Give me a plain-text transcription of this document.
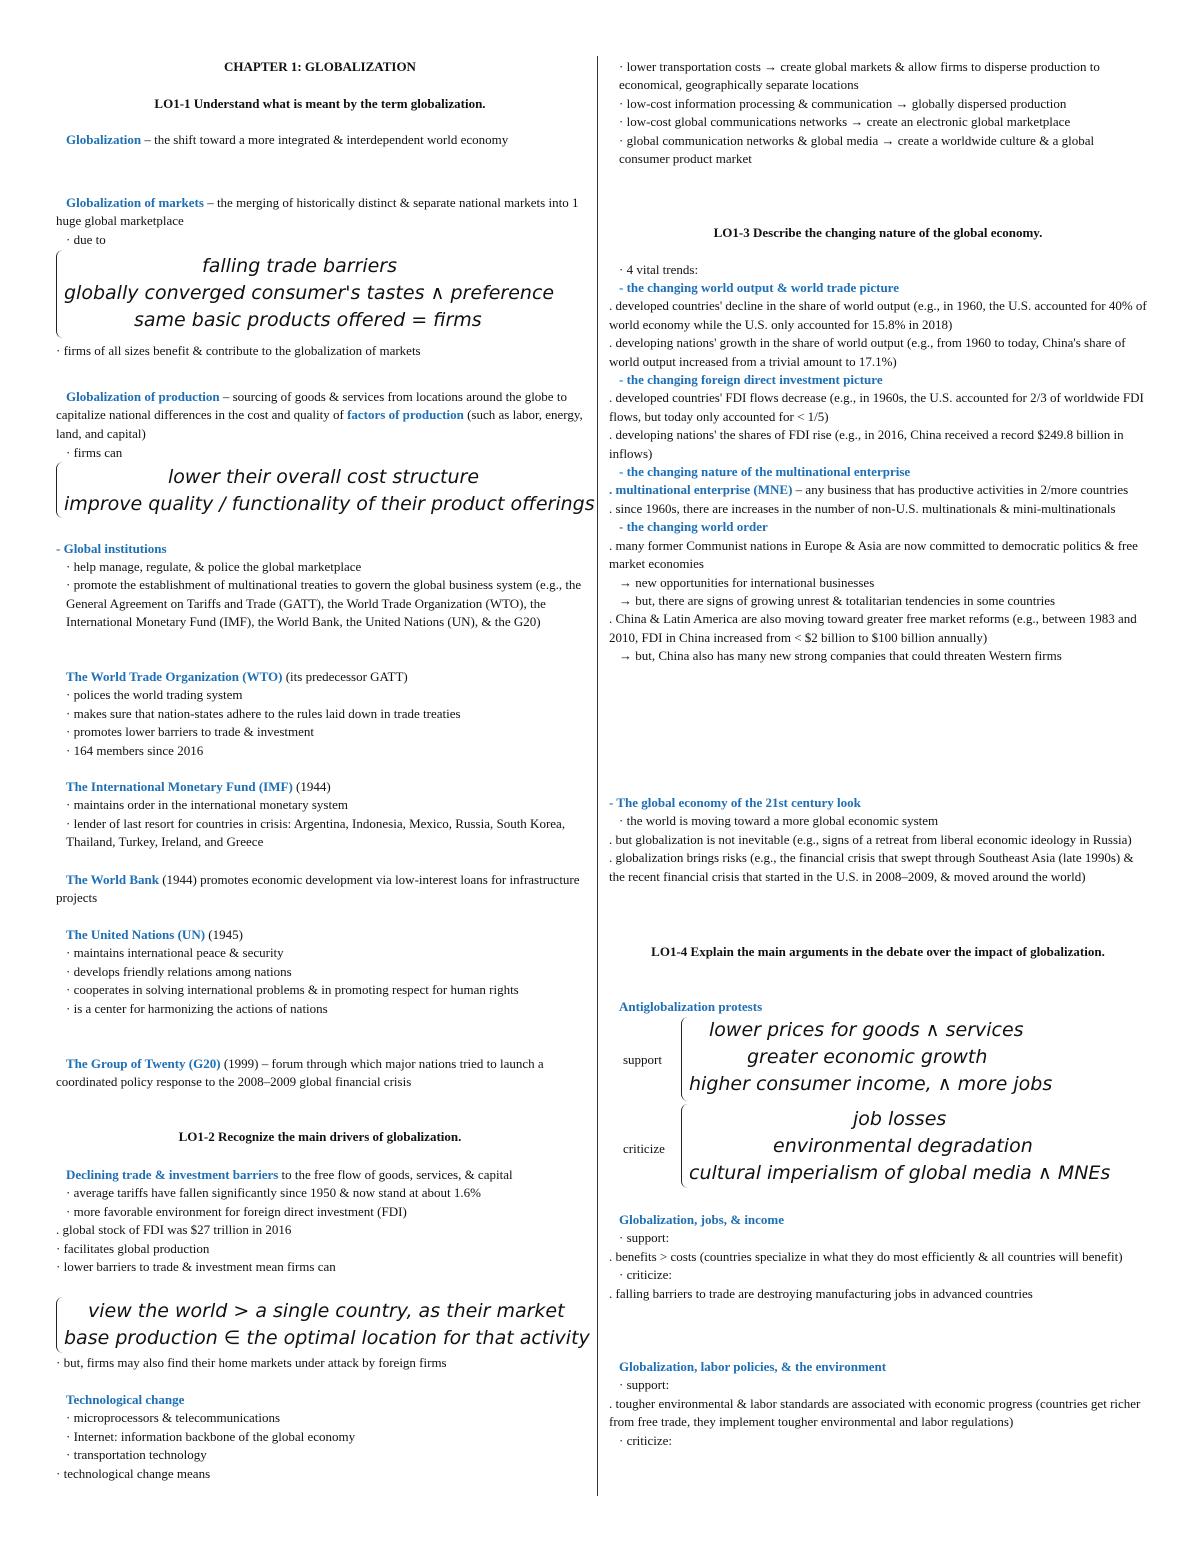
CHAPTER 1: GLOBALIZATION
LO1-1 Understand what is meant by the term globalization.
Globalization – the shift toward a more integrated & interdependent world economy
Globalization of markets – the merging of historically distinct & separate national markets into 1 huge global marketplace
· due to
falling trade barriers
globally converged consumer's tastes ∧ preference
same basic products offered = firms
· firms of all sizes benefit & contribute to the globalization of markets
Globalization of production – sourcing of goods & services from locations around the globe to capitalize national differences in the cost and quality of factors of production (such as labor, energy, land, and capital)
· firms can
lower their overall cost structure
improve quality / functionality of their product offerings
- Global institutions

· help manage, regulate, & police the global marketplace

· promote the establishment of multinational treaties to govern the global business system (e.g., the General Agreement on Tariffs and Trade (GATT), the World Trade Organization (WTO), the International Monetary Fund (IMF), the World Bank, the United Nations (UN), & the G20)

The World Trade Organization (WTO) (its predecessor GATT)

· polices the world trading system

· makes sure that nation-states adhere to the rules laid down in trade treaties

· promotes lower barriers to trade & investment

· 164 members since 2016

The International Monetary Fund (IMF) (1944)

· maintains order in the international monetary system

· lender of last resort for countries in crisis: Argentina, Indonesia, Mexico, Russia, South Korea, Thailand, Turkey, Ireland, and Greece

The World Bank (1944) promotes economic development via low-interest loans for infrastructure projects
The United Nations (UN) (1945)

· maintains international peace & security

· develops friendly relations among nations

· cooperates in solving international problems & in promoting respect for human rights

· is a center for harmonizing the actions of nations

The Group of Twenty (G20) (1999) – forum through which major nations tried to launch a coordinated policy response to the 2008–2009 global financial crisis
LO1-2 Recognize the main drivers of globalization.
Declining trade & investment barriers to the free flow of goods, services, & capital

· average tariffs have fallen significantly since 1950 & now stand at about 1.6%

· more favorable environment for foreign direct investment (FDI)

. global stock of FDI was $27 trillion in 2016

· facilitates global production

· lower barriers to trade & investment mean firms can

view the world > a single country, as their market
base production ∈ the optimal location for that activity
· but, firms may also find their home markets under attack by foreign firms
Technological change

· microprocessors & telecommunications

· Internet: information backbone of the global economy

· transportation technology

· technological change means

· lower transportation costs → create global markets & allow firms to disperse production to economical, geographically separate locations

· low-cost information processing & communication → globally dispersed production

· low-cost global communications networks → create an electronic global marketplace

· global communication networks & global media → create a worldwide culture & a global consumer product market

LO1-3 Describe the changing nature of the global economy.
· 4 vital trends:

- the changing world output & world trade picture

. developed countries' decline in the share of world output (e.g., in 1960, the U.S. accounted for 40% of world economy while the U.S. only accounted for 15.8% in 2018)

. developing nations' growth in the share of world output (e.g., from 1960 to today, China's share of world output increased from a trivial amount to 17.1%)

- the changing foreign direct investment picture

. developed countries' FDI flows decrease (e.g., in 1960s, the U.S. accounted for 2/3 of worldwide FDI flows, but today only accounted for < 1/5)

. developing nations' the shares of FDI rise (e.g., in 2016, China received a record $249.8 billion in inflows)

- the changing nature of the multinational enterprise

. multinational enterprise (MNE) – any business that has productive activities in 2/more countries

. since 1960s, there are increases in the number of non-U.S. multinationals & mini-multinationals

- the changing world order

. many former Communist nations in Europe & Asia are now committed to democratic politics & free market economies

→ new opportunities for international businesses

→ but, there are signs of growing unrest & totalitarian tendencies in some countries

. China & Latin America are also moving toward greater free market reforms (e.g., between 1983 and 2010, FDI in China increased from < $2 billion to $100 billion annually)

→ but, China also has many new strong companies that could threaten Western firms

- The global economy of the 21st century look

· the world is moving toward a more global economic system

. but globalization is not inevitable (e.g., signs of a retreat from liberal economic ideology in Russia)

. globalization brings risks (e.g., the financial crisis that swept through Southeast Asia (late 1990s) & the recent financial crisis that started in the U.S. in 2008–2009, & moved around the world)

LO1-4 Explain the main arguments in the debate over the impact of globalization.
Antiglobalization protests
support
lower prices for goods ∧ services
greater economic growth
higher consumer income, ∧ more jobs
criticize
job losses
environmental degradation
cultural imperialism of global media ∧ MNEs

Globalization, jobs, & income

· support:

. benefits > costs (countries specialize in what they do most efficiently & all countries will benefit)

· criticize:

. falling barriers to trade are destroying manufacturing jobs in advanced countries

Globalization, labor policies, & the environment

· support:

. tougher environmental & labor standards are associated with economic progress (countries get richer from free trade, they implement tougher environmental and labor regulations)

· criticize:
